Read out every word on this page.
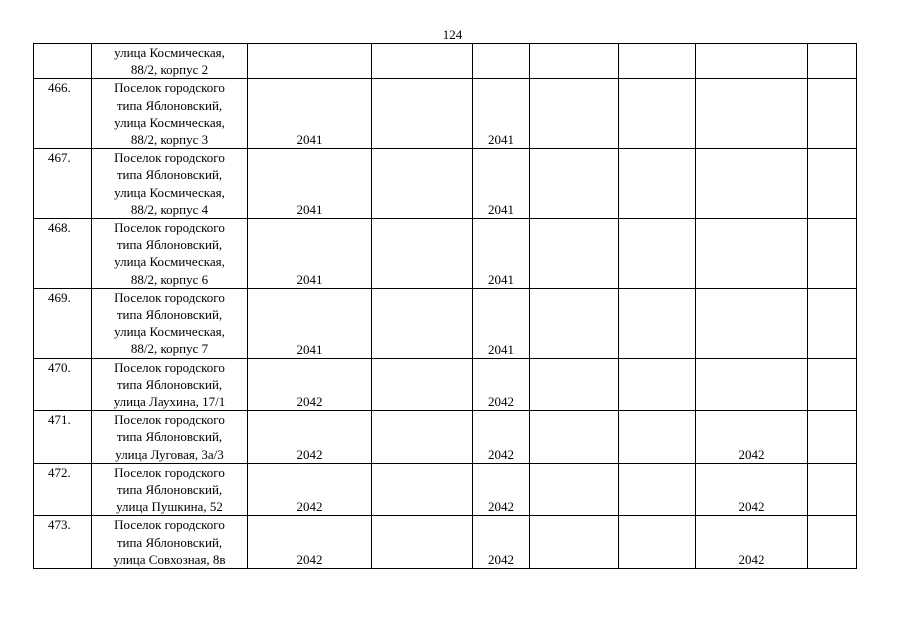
124

	улица Космическая,
88/2, корпус 2								

466.	Поселок городского
типа Яблоновский,
улица Космическая,
88/2, корпус 3	2041		2041					

467.	Поселок городского
типа Яблоновский,
улица Космическая,
88/2, корпус 4	2041		2041					

468.	Поселок городского
типа Яблоновский,
улица Космическая,
88/2, корпус 6	2041		2041					

469.	Поселок городского
типа Яблоновский,
улица Космическая,
88/2, корпус 7	2041		2041					

470.	Поселок городского
типа Яблоновский,
улица Лаухина, 17/1	2042		2042					

471.	Поселок городского
типа Яблоновский,
улица Луговая, 3а/3	2042		2042			2042		

472.	Поселок городского
типа Яблоновский,
улица Пушкина, 52	2042		2042			2042		

473.	Поселок городского
типа Яблоновский,
улица Совхозная, 8в	2042		2042			2042		
